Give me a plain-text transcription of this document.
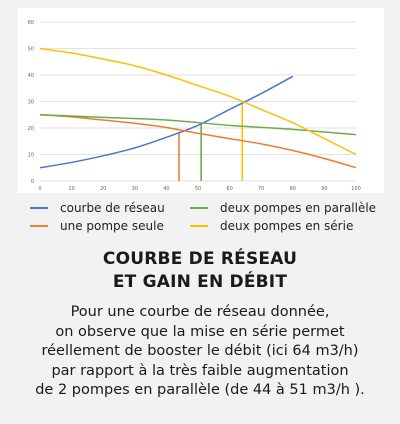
0
10
20
30
40
50
60
0	10	20	30	40	50	60	70	80	90	100
courbe de réseau
une pompe seule
deux pompes en parallèle
deux pompes en série
COURBE DE RÉSEAU
ET GAIN EN DÉBIT
Pour une courbe de réseau donnée,
on observe que la mise en série permet
réellement de booster le débit (ici 64 m3/h)
par rapport à la très faible augmentation
de 2 pompes en parallèle (de 44 à 51 m3/h ).
